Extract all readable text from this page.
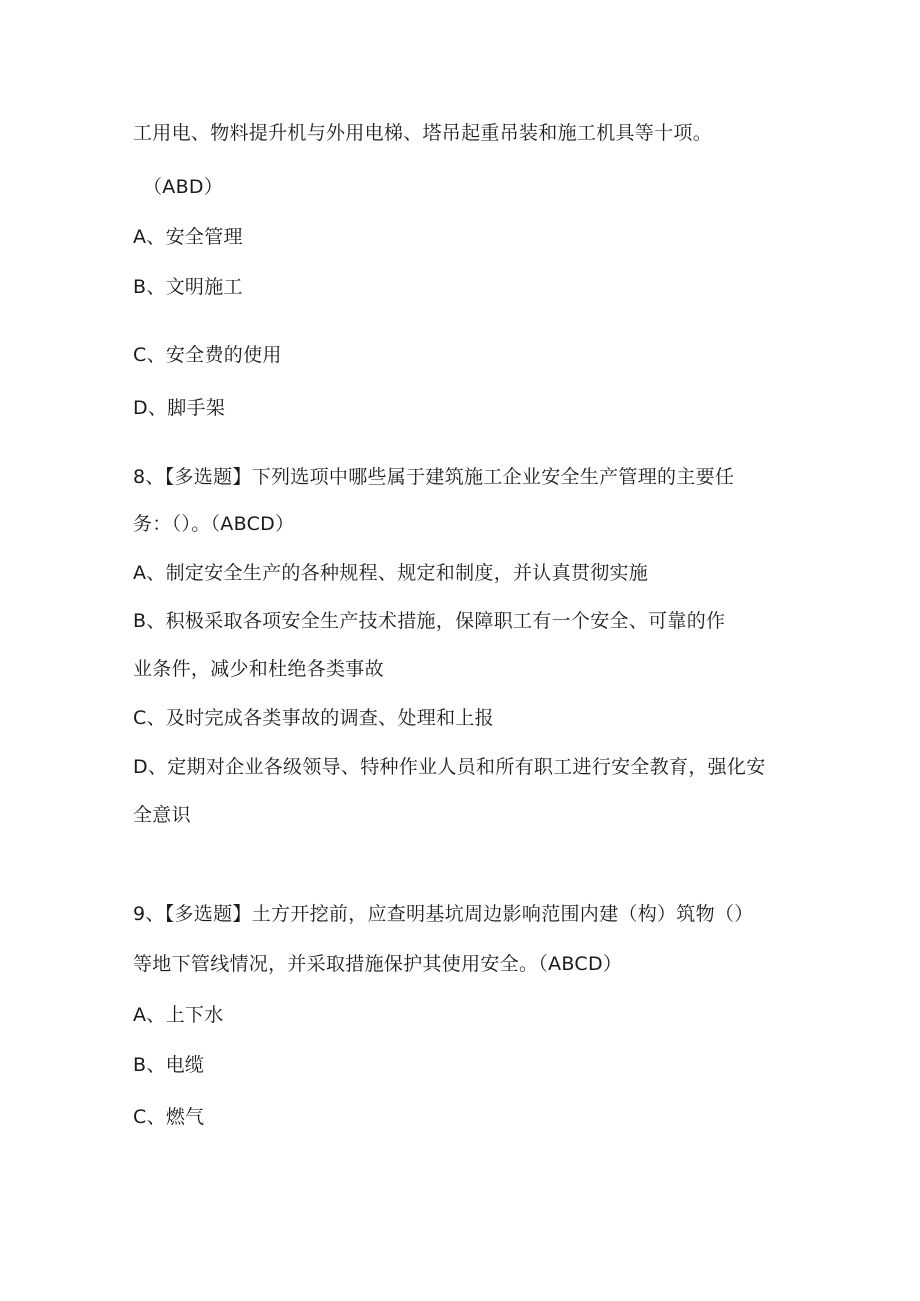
工用电、物料提升机与外用电梯、塔吊起重吊装和施工机具等十项。
（ABD）
A、安全管理
B、文明施工
C、安全费的使用
D、脚手架
8、【多选题】下列选项中哪些属于建筑施工企业安全生产管理的主要任
务：（）。（ABCD）
A、制定安全生产的各种规程、规定和制度，并认真贯彻实施
B、积极采取各项安全生产技术措施，保障职工有一个安全、可靠的作
业条件，减少和杜绝各类事故
C、及时完成各类事故的调查、处理和上报
D、定期对企业各级领导、特种作业人员和所有职工进行安全教育，强化安
全意识
9、【多选题】土方开挖前，应查明基坑周边影响范围内建（构）筑物（）
等地下管线情况，并采取措施保护其使用安全。（ABCD）
A、上下水
B、电缆
C、燃气
